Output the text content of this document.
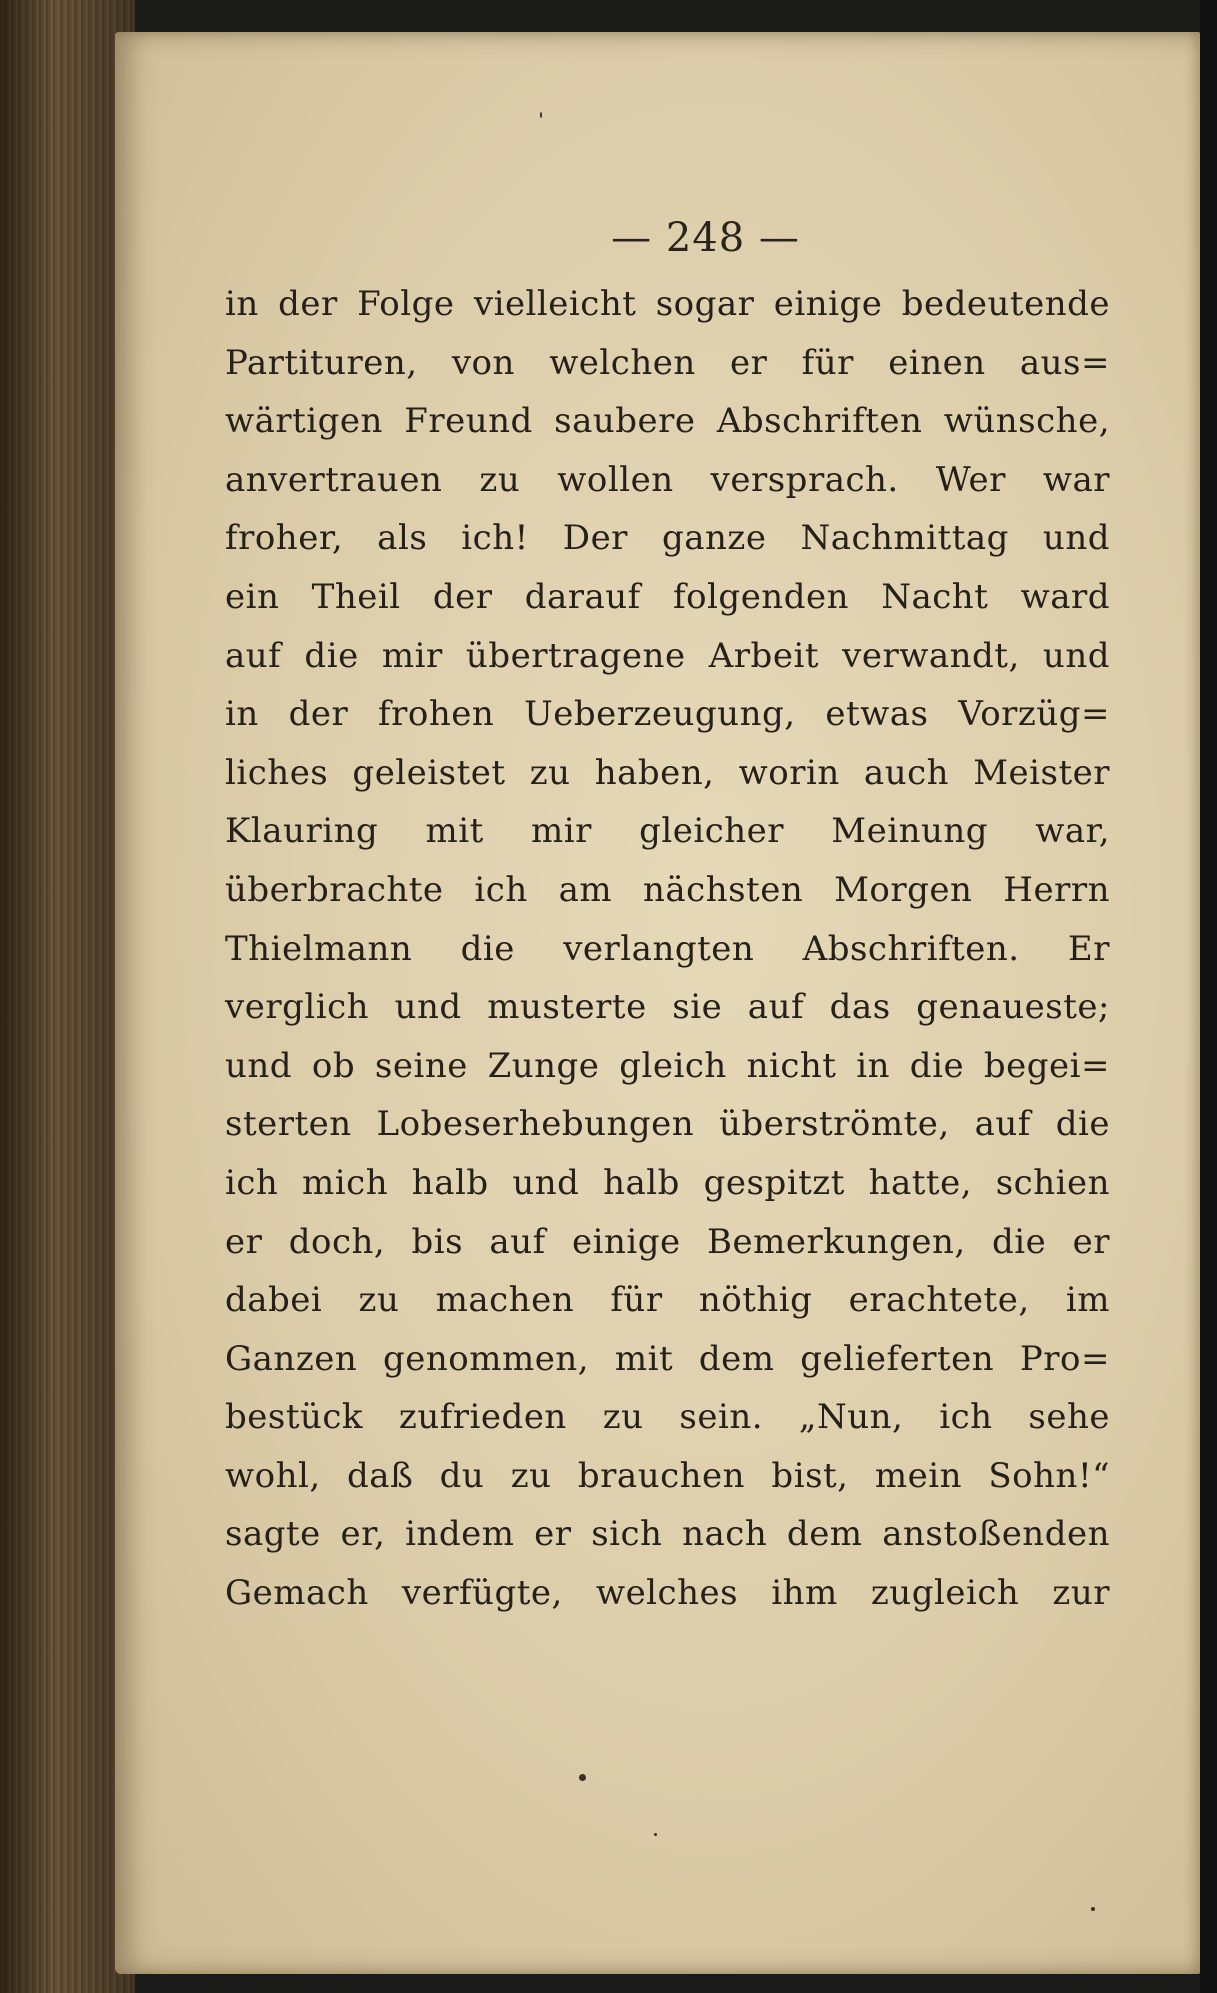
— 248 —
in der Folge vielleicht sogar einige bedeutende
Partituren, von welchen er für einen aus=
wärtigen Freund saubere Abschriften wünsche,
anvertrauen zu wollen versprach. Wer war
froher, als ich! Der ganze Nachmittag und
ein Theil der darauf folgenden Nacht ward
auf die mir übertragene Arbeit verwandt, und
in der frohen Ueberzeugung, etwas Vorzüg=
liches geleistet zu haben, worin auch Meister
Klauring mit mir gleicher Meinung war,
überbrachte ich am nächsten Morgen Herrn
Thielmann die verlangten Abschriften. Er
verglich und musterte sie auf das genaueste;
und ob seine Zunge gleich nicht in die begei=
sterten Lobeserhebungen überströmte, auf die
ich mich halb und halb gespitzt hatte, schien
er doch, bis auf einige Bemerkungen, die er
dabei zu machen für nöthig erachtete, im
Ganzen genommen, mit dem gelieferten Pro=
bestück zufrieden zu sein. „Nun, ich sehe
wohl, daß du zu brauchen bist, mein Sohn!“
sagte er, indem er sich nach dem anstoßenden
Gemach verfügte, welches ihm zugleich zur
